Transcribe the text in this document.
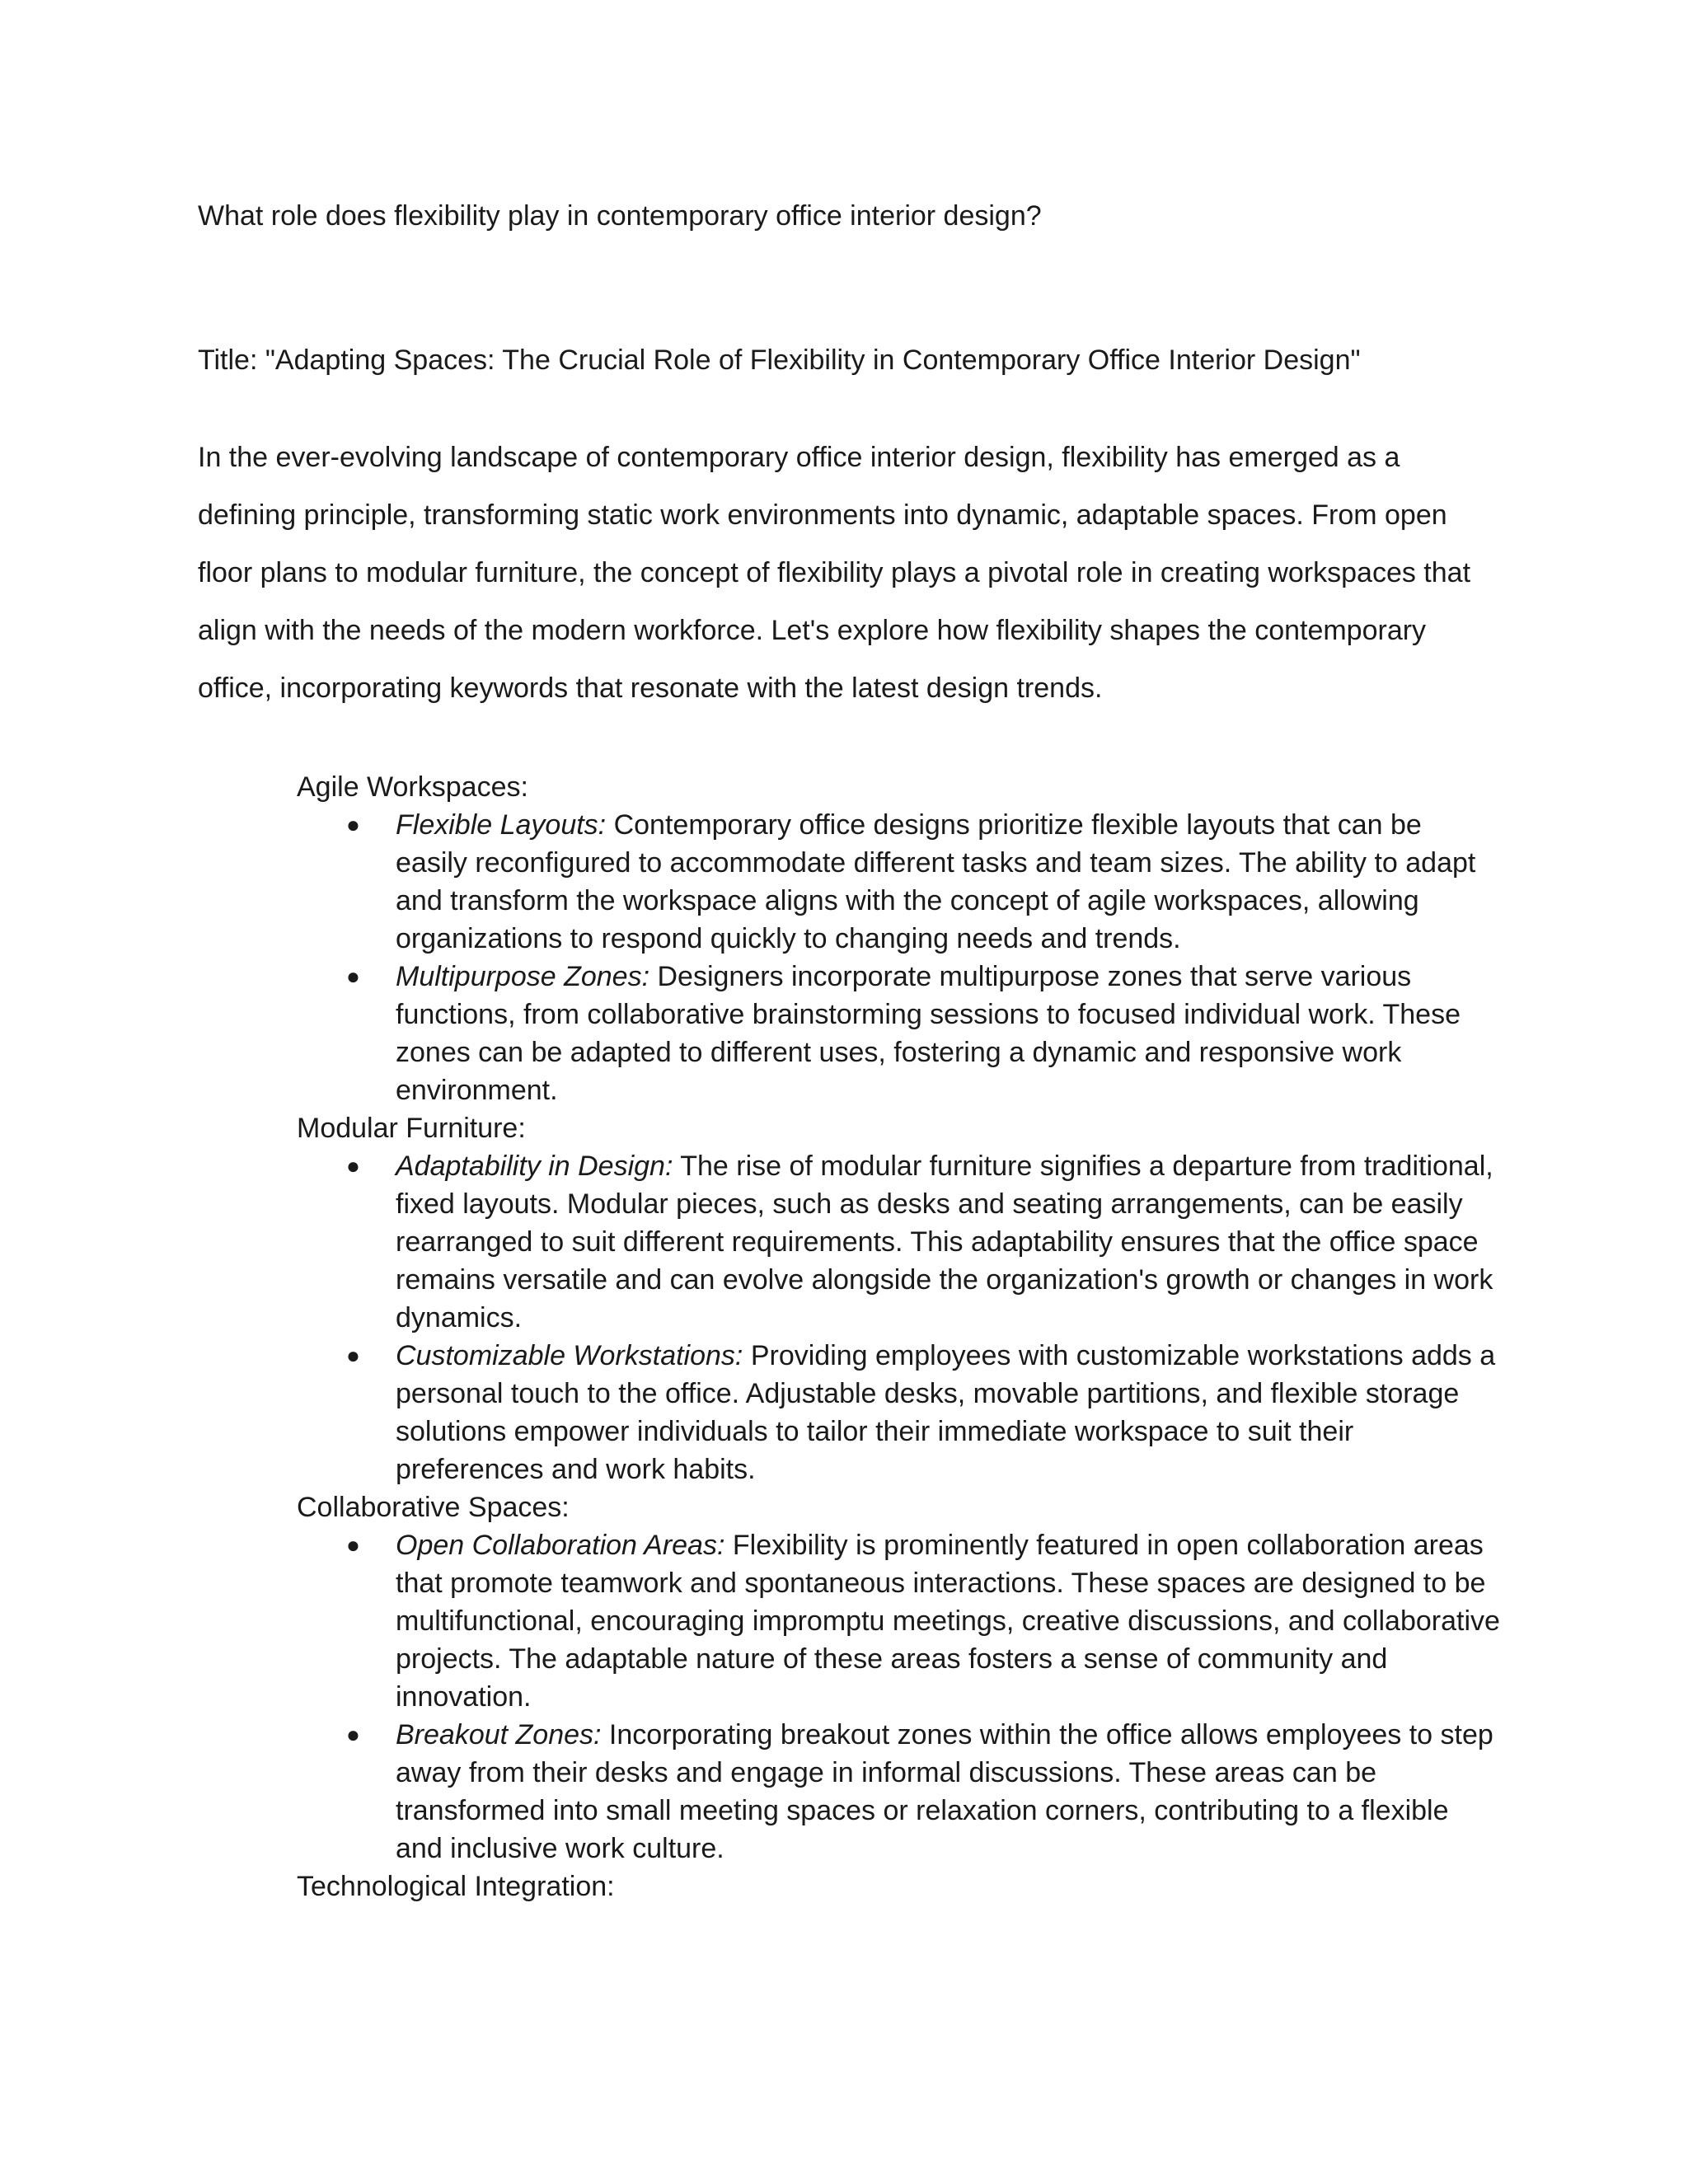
What role does flexibility play in contemporary office interior design?
Title: "Adapting Spaces: The Crucial Role of Flexibility in Contemporary Office Interior Design"

In the ever-evolving landscape of contemporary office interior design, flexibility has emerged as a defining principle, transforming static work environments into dynamic, adaptable spaces. From open floor plans to modular furniture, the concept of flexibility plays a pivotal role in creating workspaces that align with the needs of the modern workforce. Let's explore how flexibility shapes the contemporary office, incorporating keywords that resonate with the latest design trends.

Agile Workspaces:

● Flexible Layouts: Contemporary office designs prioritize flexible layouts that can be easily reconfigured to accommodate different tasks and team sizes. The ability to adapt and transform the workspace aligns with the concept of agile workspaces, allowing organizations to respond quickly to changing needs and trends.
● Multipurpose Zones: Designers incorporate multipurpose zones that serve various functions, from collaborative brainstorming sessions to focused individual work. These zones can be adapted to different uses, fostering a dynamic and responsive work environment.

Modular Furniture:

● Adaptability in Design: The rise of modular furniture signifies a departure from traditional, fixed layouts. Modular pieces, such as desks and seating arrangements, can be easily rearranged to suit different requirements. This adaptability ensures that the office space remains versatile and can evolve alongside the organization's growth or changes in work dynamics.
● Customizable Workstations: Providing employees with customizable workstations adds a personal touch to the office. Adjustable desks, movable partitions, and flexible storage solutions empower individuals to tailor their immediate workspace to suit their preferences and work habits.

Collaborative Spaces:

● Open Collaboration Areas: Flexibility is prominently featured in open collaboration areas that promote teamwork and spontaneous interactions. These spaces are designed to be multifunctional, encouraging impromptu meetings, creative discussions, and collaborative projects. The adaptable nature of these areas fosters a sense of community and innovation.
● Breakout Zones: Incorporating breakout zones within the office allows employees to step away from their desks and engage in informal discussions. These areas can be transformed into small meeting spaces or relaxation corners, contributing to a flexible and inclusive work culture.

Technological Integration:
